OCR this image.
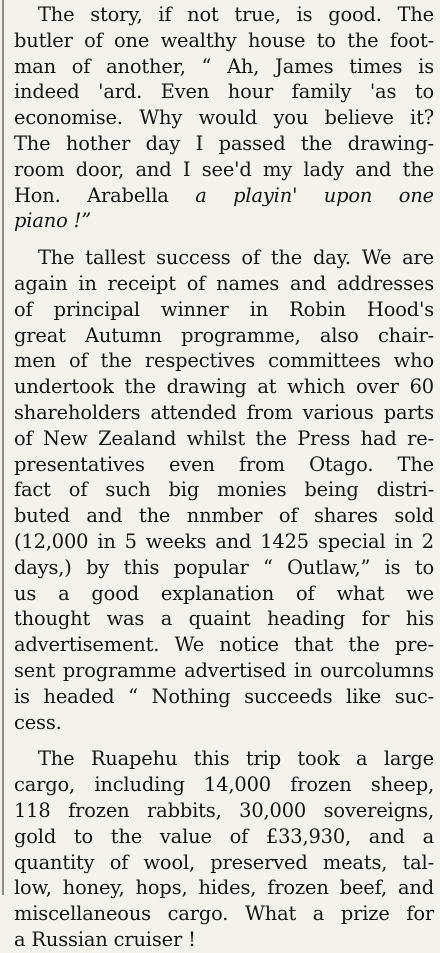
The story, if not true, is good. The
butler of one wealthy house to the foot-
man of another, “ Ah, James times is
indeed 'ard. Even hour family 'as to
economise. Why would you believe it?
The hother day I passed the drawing-
room door, and I see'd my lady and the
Hon. Arabella a playin' upon one
piano !”

The tallest success of the day. We are
again in receipt of names and addresses
of principal winner in Robin Hood's
great Autumn programme, also chair-
men of the respectives committees who
undertook the drawing at which over 60
shareholders attended from various parts
of New Zealand whilst the Press had re-
presentatives even from Otago. The
fact of such big monies being distri-
buted and the nnmber of shares sold
(12,000 in 5 weeks and 1425 special in 2
days,) by this popular “ Outlaw,” is to
us a good explanation of what we
thought was a quaint heading for his
advertisement. We notice that the pre-
sent programme advertised in ourcolumns
is headed “ Nothing succeeds like suc-
cess.

The Ruapehu this trip took a large
cargo, including 14,000 frozen sheep,
118 frozen rabbits, 30,000 sovereigns,
gold to the value of £33,930, and a
quantity of wool, preserved meats, tal-
low, honey, hops, hides, frozen beef, and
miscellaneous cargo. What a prize for
a Russian cruiser !
